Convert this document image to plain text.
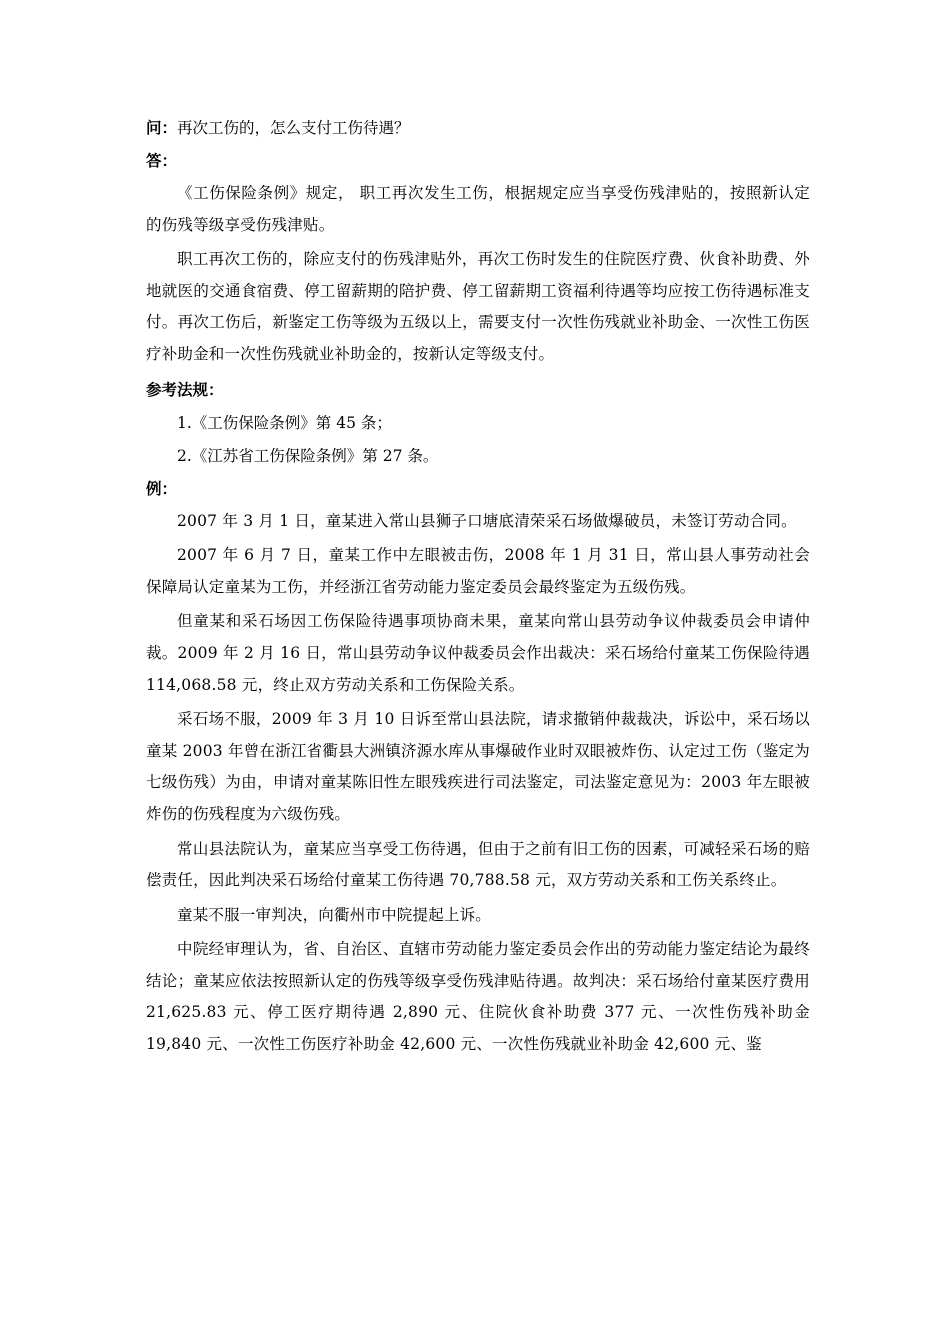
问：再次工伤的，怎么支付工伤待遇？

答：

《工伤保险条例》规定， 职工再次发生工伤，根据规定应当享受伤残津贴的，按照新认定的伤残等级享受伤残津贴。

职工再次工伤的，除应支付的伤残津贴外，再次工伤时发生的住院医疗费、伙食补助费、外地就医的交通食宿费、停工留薪期的陪护费、停工留薪期工资福利待遇等均应按工伤待遇标准支付。再次工伤后，新鉴定工伤等级为五级以上，需要支付一次性伤残就业补助金、一次性工伤医疗补助金和一次性伤残就业补助金的，按新认定等级支付。

参考法规：

1.《工伤保险条例》第 45 条；

2.《江苏省工伤保险条例》第 27 条。

例：

2007 年 3 月 1 日，童某进入常山县狮子口塘底清荣采石场做爆破员，未签订劳动合同。

2007 年 6 月 7 日，童某工作中左眼被击伤，2008 年 1 月 31 日，常山县人事劳动社会保障局认定童某为工伤，并经浙江省劳动能力鉴定委员会最终鉴定为五级伤残。

但童某和采石场因工伤保险待遇事项协商未果，童某向常山县劳动争议仲裁委员会申请仲裁。2009 年 2 月 16 日，常山县劳动争议仲裁委员会作出裁决：采石场给付童某工伤保险待遇 114,068.58 元，终止双方劳动关系和工伤保险关系。

采石场不服，2009 年 3 月 10 日诉至常山县法院，请求撤销仲裁裁决，诉讼中，采石场以童某 2003 年曾在浙江省衢县大洲镇济源水库从事爆破作业时双眼被炸伤、认定过工伤（鉴定为七级伤残）为由，申请对童某陈旧性左眼残疾进行司法鉴定，司法鉴定意见为：2003 年左眼被炸伤的伤残程度为六级伤残。

常山县法院认为，童某应当享受工伤待遇，但由于之前有旧工伤的因素，可减轻采石场的赔偿责任，因此判决采石场给付童某工伤待遇 70,788.58 元，双方劳动关系和工伤关系终止。

童某不服一审判决，向衢州市中院提起上诉。

中院经审理认为，省、自治区、直辖市劳动能力鉴定委员会作出的劳动能力鉴定结论为最终结论；童某应依法按照新认定的伤残等级享受伤残津贴待遇。故判决：采石场给付童某医疗费用 21,625.83 元、停工医疗期待遇 2,890 元、住院伙食补助费 377 元、一次性伤残补助金 19,840 元、一次性工伤医疗补助金 42,600 元、一次性伤残就业补助金 42,600 元、鉴
